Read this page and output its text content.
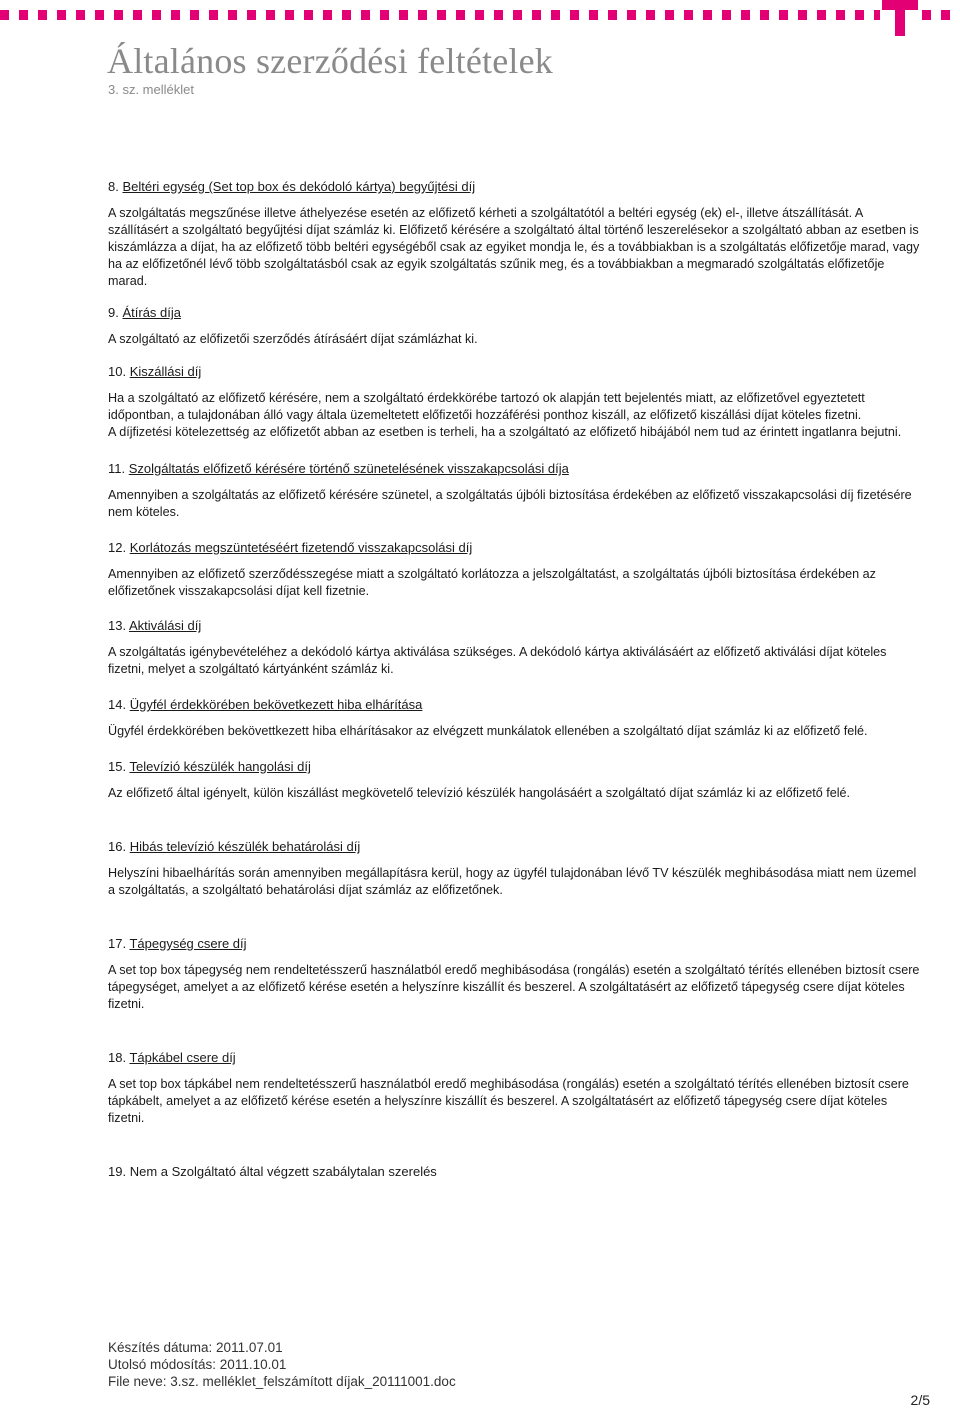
Általános szerződési feltételek
3. sz. melléklet
8. Beltéri egység (Set top box és dekódoló kártya) begyűjtési díj

A szolgáltatás megszűnése illetve áthelyezése esetén az előfizető kérheti a szolgáltatótól a beltéri egység (ek) el-, illetve átszállítását. A szállításért a szolgáltató begyűjtési díjat számláz ki. Előfizető kérésére a szolgáltató által történő leszerelésekor a szolgáltató abban az esetben is kiszámlázza a díjat, ha az előfizető több beltéri egységéből csak az egyiket mondja le, és a továbbiakban is a szolgáltatás előfizetője marad, vagy ha az előfizetőnél lévő több szolgáltatásból csak az egyik szolgáltatás szűnik meg, és a továbbiakban a megmaradó szolgáltatás előfizetője marad.

9. Átírás díja

A szolgáltató az előfizetői szerződés átírásáért díjat számlázhat ki.

10. Kiszállási díj

Ha a szolgáltató az előfizető kérésére, nem a szolgáltató érdekkörébe tartozó ok alapján tett bejelentés miatt, az előfizetővel egyeztetett időpontban, a tulajdonában álló vagy általa üzemeltetett előfizetői hozzáférési ponthoz kiszáll, az előfizető kiszállási díjat köteles fizetni.

A díjfizetési kötelezettség az előfizetőt abban az esetben is terheli, ha a szolgáltató az előfizető hibájából nem tud az érintett ingatlanra bejutni.

11. Szolgáltatás előfizető kérésére történő szünetelésének visszakapcsolási díja

Amennyiben a szolgáltatás az előfizető kérésére szünetel, a szolgáltatás újbóli biztosítása érdekében az előfizető visszakapcsolási díj fizetésére nem köteles.

12. Korlátozás megszüntetéséért fizetendő visszakapcsolási díj

Amennyiben az előfizető szerződésszegése miatt a szolgáltató korlátozza a jelszolgáltatást, a szolgáltatás újbóli biztosítása érdekében az előfizetőnek visszakapcsolási díjat kell fizetnie.

13. Aktiválási díj

A szolgáltatás igénybevételéhez a dekódoló kártya aktiválása szükséges. A dekódoló kártya aktiválásáért az előfizető aktiválási díjat köteles fizetni, melyet a szolgáltató kártyánként számláz ki.

14. Ügyfél érdekkörében bekövetkezett hiba elhárítása

Ügyfél érdekkörében bekövettkezett hiba elhárításakor az elvégzett munkálatok ellenében a szolgáltató díjat számláz ki az előfizető felé.

15. Televízió készülék hangolási díj

Az előfizető által igényelt, külön kiszállást megkövetelő televízió készülék hangolásáért a szolgáltató díjat számláz ki az előfizető felé.

16. Hibás televízió készülék behatárolási díj

Helyszíni hibaelhárítás során amennyiben megállapításra kerül, hogy az ügyfél tulajdonában lévő TV készülék meghibásodása miatt nem üzemel a szolgáltatás, a szolgáltató behatárolási díjat számláz az előfizetőnek.

17. Tápegység csere díj

A set top box tápegység nem rendeltetésszerű használatból eredő meghibásodása (rongálás) esetén a szolgáltató térítés ellenében biztosít csere tápegységet, amelyet a az előfizető kérése esetén a helyszínre kiszállít és beszerel. A szolgáltatásért az előfizető tápegység csere díjat köteles fizetni.

18. Tápkábel csere díj

A set top box tápkábel nem rendeltetésszerű használatból eredő meghibásodása (rongálás) esetén a szolgáltató térítés ellenében biztosít csere tápkábelt, amelyet a az előfizető kérése esetén a helyszínre kiszállít és beszerel. A szolgáltatásért az előfizető tápegység csere díjat köteles fizetni.

19. Nem a Szolgáltató által végzett szabálytalan szerelés
Készítés dátuma: 2011.07.01
Utolsó módosítás: 2011.10.01
File neve: 3.sz. melléklet_felszámított díjak_20111001.doc
2/5
